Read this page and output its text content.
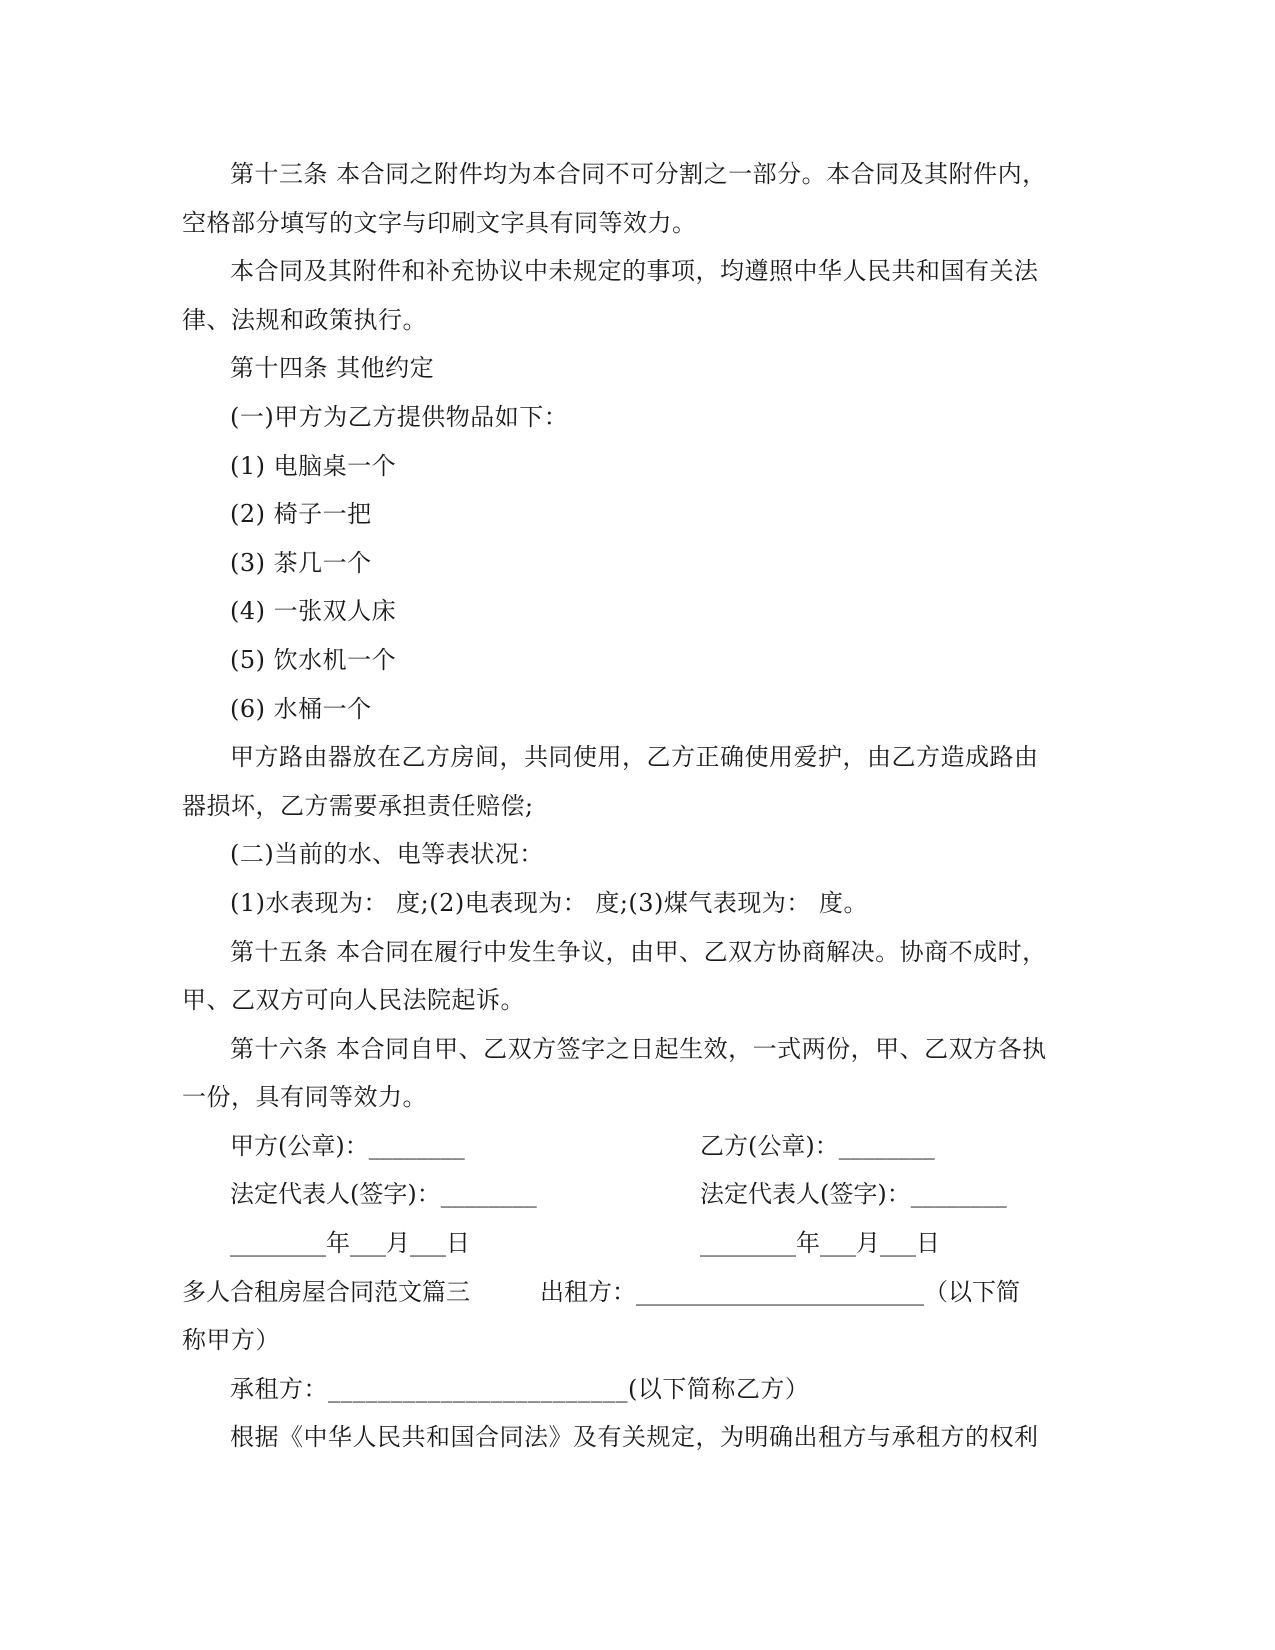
第十三条 本合同之附件均为本合同不可分割之一部分。本合同及其附件内，
空格部分填写的文字与印刷文字具有同等效力。
本合同及其附件和补充协议中未规定的事项，均遵照中华人民共和国有关法
律、法规和政策执行。
第十四条 其他约定
(一)甲方为乙方提供物品如下：
(1) 电脑桌一个
(2) 椅子一把
(3) 茶几一个
(4) 一张双人床
(5) 饮水机一个
(6) 水桶一个
甲方路由器放在乙方房间，共同使用，乙方正确使用爱护，由乙方造成路由
器损坏，乙方需要承担责任赔偿;
(二)当前的水、电等表状况：
(1)水表现为： 度;(2)电表现为： 度;(3)煤气表现为： 度。
第十五条 本合同在履行中发生争议，由甲、乙双方协商解决。协商不成时，
甲、乙双方可向人民法院起诉。
第十六条 本合同自甲、乙双方签字之日起生效，一式两份，甲、乙双方各执
一份，具有同等效力。
甲方(公章)：________	乙方(公章)：________
法定代表人(签字)：________	法定代表人(签字)：________
________年___月___日	________年___月___日
多人合租房屋合同范文篇三	出租方：________________________（以下简
称甲方）
承租方：________________________(以下简称乙方）
根据《中华人民共和国合同法》及有关规定，为明确出租方与承租方的权利
